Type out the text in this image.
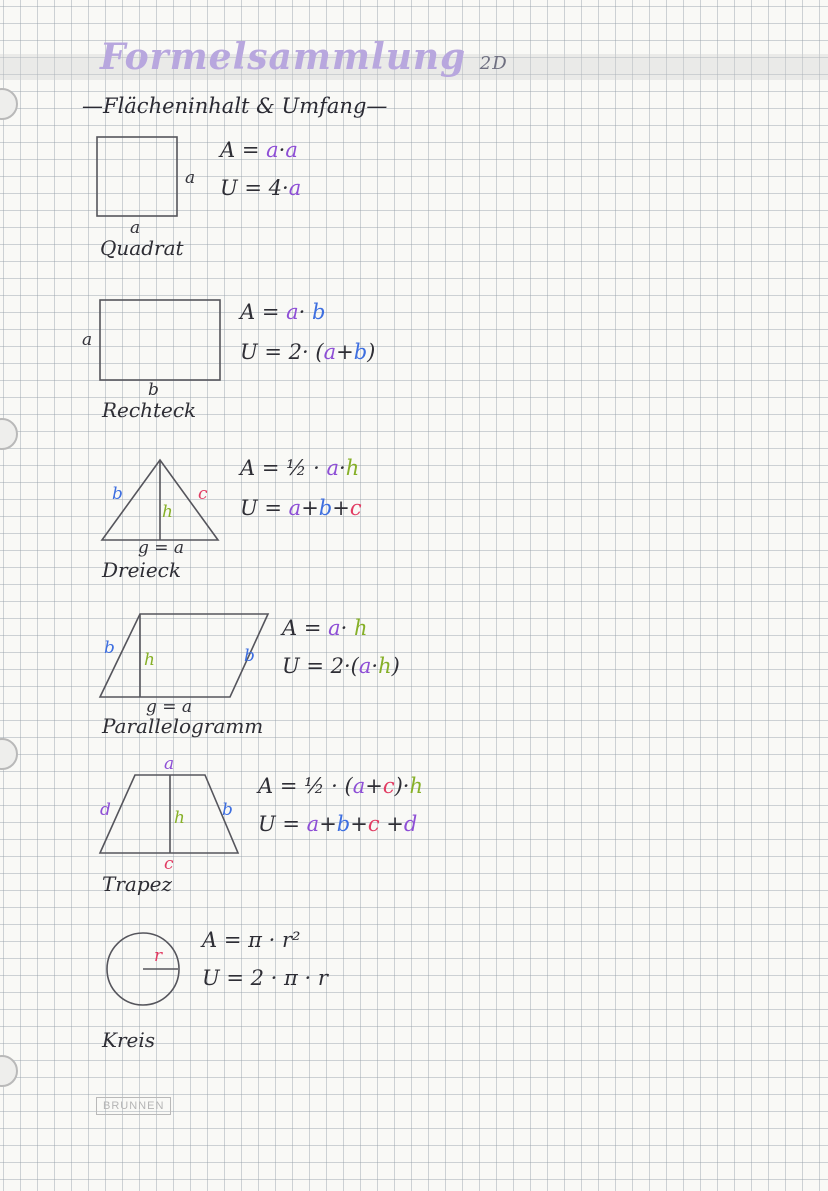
Formelsammlung 2D
—Flächeninhalt & Umfang—
a
a
Quadrat
A = a·a
U = 4·a
a
b
Rechteck
A = a· b
U = 2· (a+b)
b
h
c
g = a
Dreieck
A = ½ · a·h
U = a+b+c
b
h	b
g = a
Parallelogramm
A = a· h
U = 2·(a·h)
a
d	h b
c
Trapez
A = ½ · (a+c)·h
U = a+b+c +d
r
Kreis
A = π · r²
U = 2 · π · r
BRUNNEN
